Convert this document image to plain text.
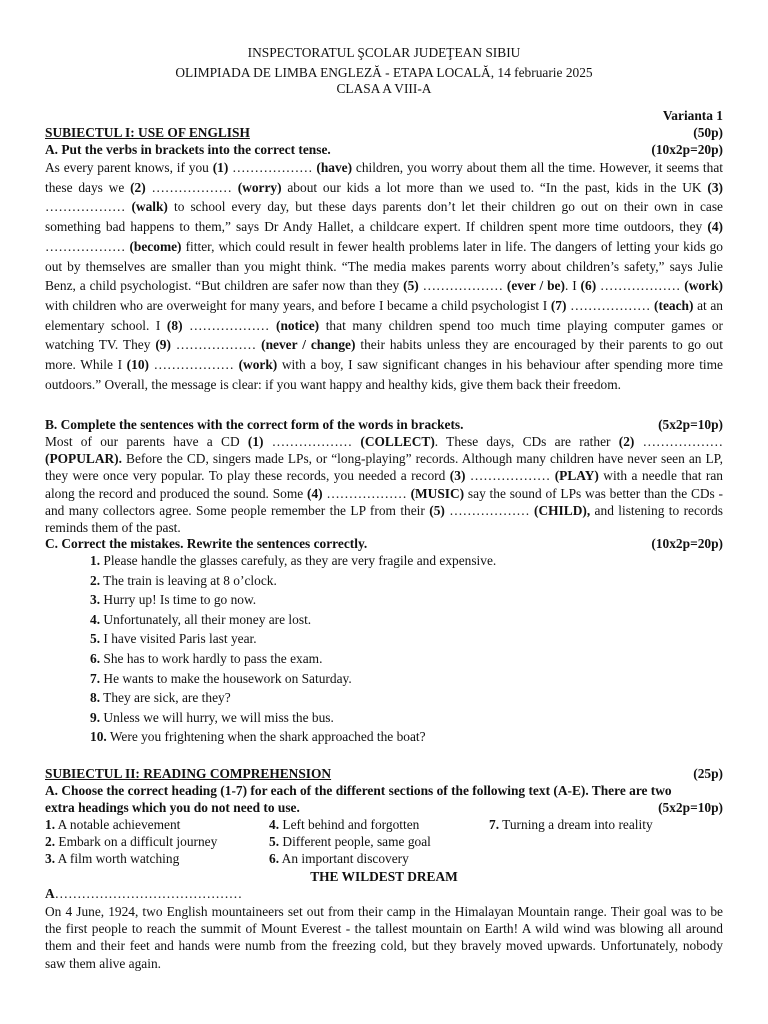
INSPECTORATUL ŞCOLAR JUDEŢEAN SIBIU
OLIMPIADA DE LIMBA ENGLEZĂ - ETAPA LOCALĂ, 14 februarie 2025
CLASA A VIII-A
Varianta 1
SUBIECTUL I: USE OF ENGLISH	(50p)
A. Put the verbs in brackets into the correct tense.	(10x2p=20p)
As every parent knows, if you (1) ……………… (have) children, you worry about them all the time. However, it seems that these days we (2) ……………… (worry) about our kids a lot more than we used to. “In the past, kids in the UK (3) ……………… (walk) to school every day, but these days parents don’t let their children go out on their own in case something bad happens to them,” says Dr Andy Hallet, a childcare expert. If children spent more time outdoors, they (4) ……………… (become) fitter, which could result in fewer health problems later in life. The dangers of letting your kids go out by themselves are smaller than you might think. “The media makes parents worry about children’s safety,” says Julie Benz, a child psychologist. “But children are safer now than they (5) ……………… (ever / be). I (6) ……………… (work) with children who are overweight for many years, and before I became a child psychologist I (7) ……………… (teach) at an elementary school. I (8) ……………… (notice) that many children spend too much time playing computer games or watching TV. They (9) ……………… (never / change) their habits unless they are encouraged by their parents to go out more. While I (10) ……………… (work) with a boy, I saw significant changes in his behaviour after spending more time outdoors.” Overall, the message is clear: if you want happy and healthy kids, give them back their freedom.
B. Complete the sentences with the correct form of the words in brackets.	(5x2p=10p)
Most of our parents have a CD (1) ……………… (COLLECT). These days, CDs are rather (2) ……………… (POPULAR). Before the CD, singers made LPs, or “long-playing” records. Although many children have never seen an LP, they were once very popular. To play these records, you needed a record (3) ……………… (PLAY) with a needle that ran along the record and produced the sound. Some (4) ……………… (MUSIC) say the sound of LPs was better than the CDs - and many collectors agree. Some people remember the LP from their (5) ……………… (CHILD), and listening to records reminds them of the past.
C. Correct the mistakes. Rewrite the sentences correctly.	(10x2p=20p)
1. Please handle the glasses carefuly, as they are very fragile and expensive.
2. The train is leaving at 8 o’clock.
3. Hurry up! Is time to go now.
4. Unfortunately, all their money are lost.
5. I have visited Paris last year.
6. She has to work hardly to pass the exam.
7. He wants to make the housework on Saturday.
8. They are sick, are they?
9. Unless we will hurry, we will miss the bus.
10. Were you frightening when the shark approached the boat?
SUBIECTUL II: READING COMPREHENSION	(25p)
A. Choose the correct heading (1-7) for each of the different sections of the following text (A-E). There are two
extra headings which you do not need to use.	(5x2p=10p)
1. A notable achievement
2. Embark on a difficult journey
3. A film worth watching
4. Left behind and forgotten
5. Different people, same goal
6. An important discovery
7. Turning a dream into reality
THE WILDEST DREAM
A……………………………………
On 4 June, 1924, two English mountaineers set out from their camp in the Himalayan Mountain range. Their goal was to be the first people to reach the summit of Mount Everest - the tallest mountain on Earth! A wild wind was blowing all around them and their feet and hands were numb from the freezing cold, but they bravely moved upwards. Unfortunately, nobody saw them alive again.
